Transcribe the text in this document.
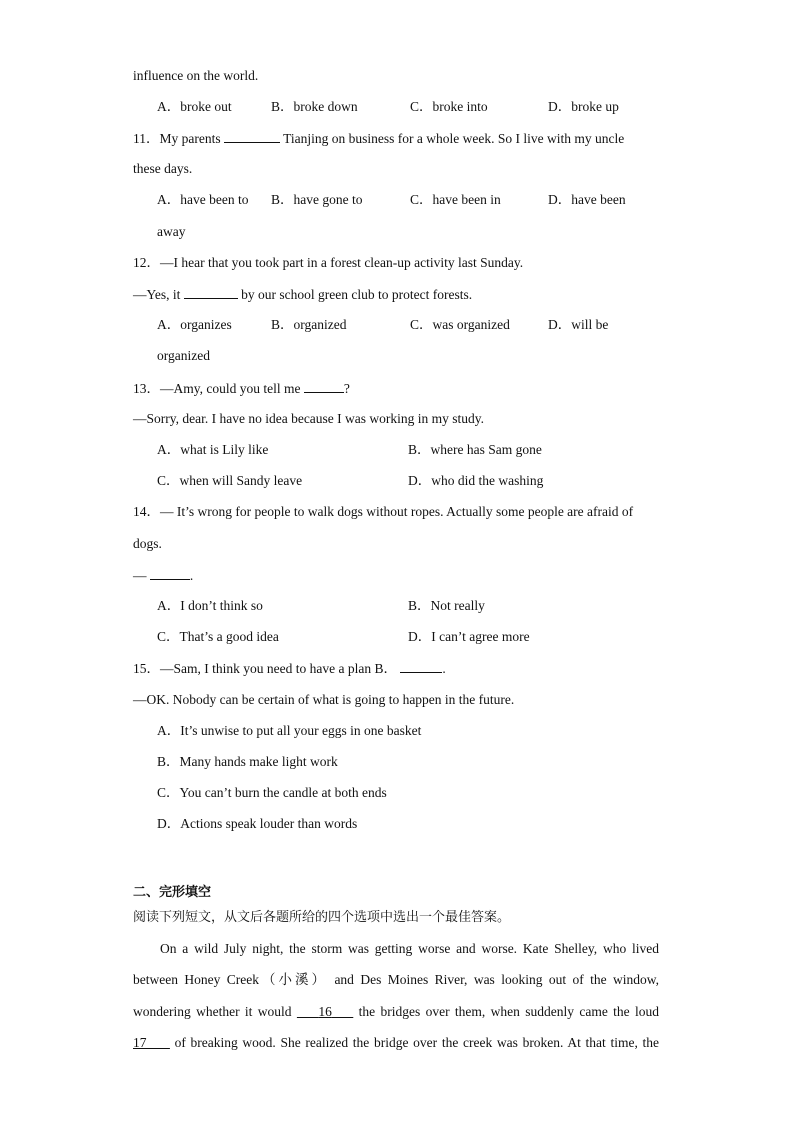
influence on the world.
A．broke out	B．broke down	C．broke into	D．broke up
11．My parents	Tianjing on business for a whole week. So I live with my uncle
these days.
A．have been to B．have gone to	C．have been in	D．have been
away
12．—I hear that you took part in a forest clean-up activity last Sunday.
—Yes, it	by our school green club to protect forests.
A．organizes	B．organized	C．was organized	D．will be
organized
13．—Amy, could you tell me	?
—Sorry, dear. I have no idea because I was working in my study.
A．what is Lily like	B．where has Sam gone
C．when will Sandy leave	D．who did the washing
14．— It’s wrong for people to walk dogs without ropes. Actually some people are afraid of
dogs.
—	.
A．I don’t think so	B．Not really
C．That’s a good idea	D．I can’t agree more
15．—Sam, I think you need to have a plan B．	.
—OK. Nobody can be certain of what is going to happen in the future.
A．It’s unwise to put all your eggs in one basket
B．Many hands make light work
C．You can’t burn the candle at both ends
D．Actions speak louder than words
二、完形填空
阅读下列短文，从文后各题所给的四个选项中选出一个最佳答案。
On a wild July night, the storm was getting worse and worse. Kate Shelley, who lived
between Honey Creek（小溪） and Des Moines River, was looking out of the window,
wondering whether it would 16 the bridges over them, when suddenly came the loud
17 of breaking wood. She realized the bridge over the creek was broken. At that time, the
